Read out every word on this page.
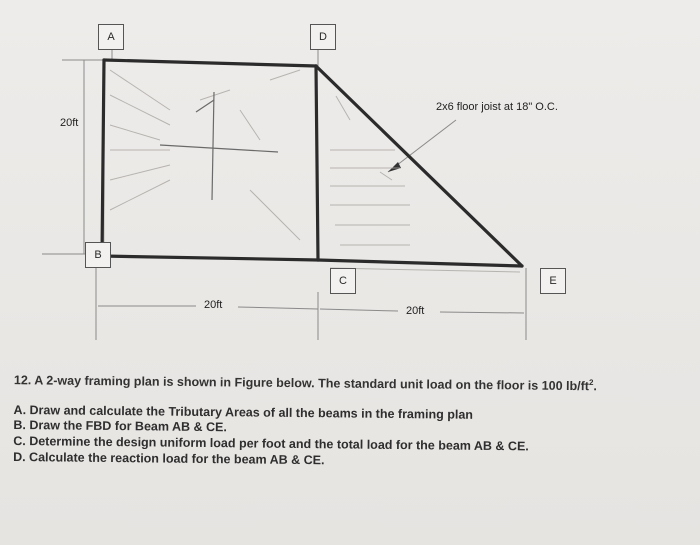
A	D
B
C	E
20ft
20ft	20ft
2x6 floor joist at 18" O.C.

12. A 2-way framing plan is shown in Figure below. The standard unit load on the floor is 100 $lb/ft^2$.

A. Draw and calculate the Tributary Areas of all the beams in the framing plan

B. Draw the FBD for Beam AB & CE.

C. Determine the design uniform load per foot and the total load for the beam AB & CE.

D. Calculate the reaction load for the beam AB & CE.
